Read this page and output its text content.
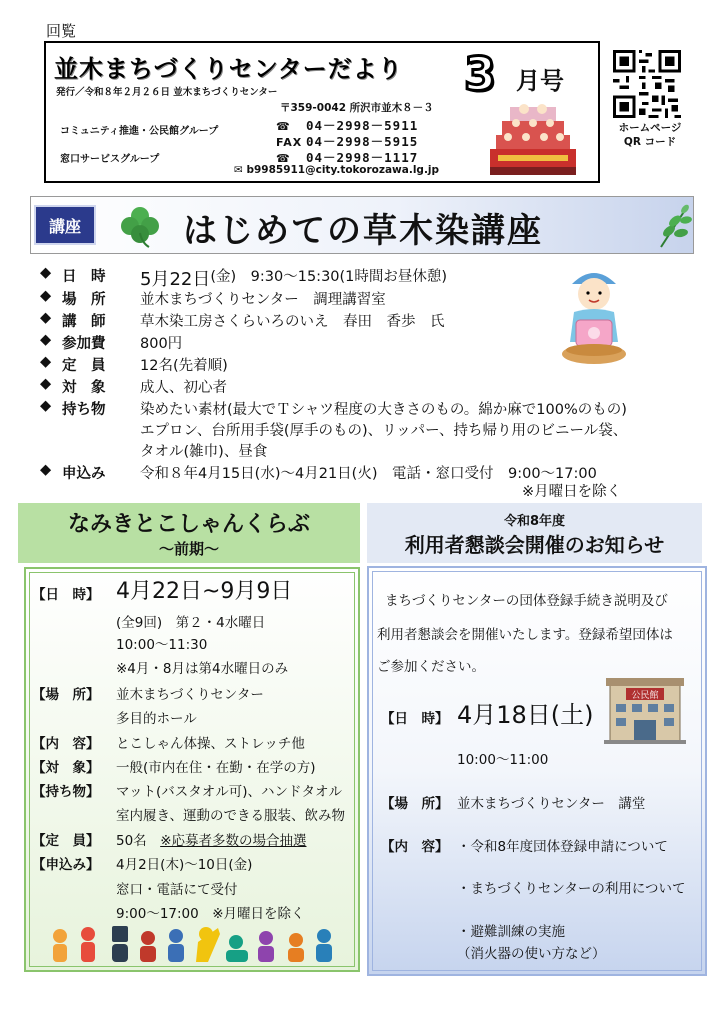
回覧
並木まちづくりセンターだより
発行／令和８年２月２６日 並木まちづくりセンター	3 月号
〒359-0042 所沢市並木８－３
コミュニティ推進・公民館グループ
窓口サービスグループ
☎ 04－2998－5911
FAX 04－2998－5915
☎ 04－2998－1117
✉ b9985911@city.tokorozawa.lg.jp
ホームページ
QR コード
講座	はじめての草木染講座
◆ 日　時	5月22日 (金)　9:30～15:30(1時間お昼休憩)
◆ 場　所	並木まちづくりセンター　調理講習室
◆ 講　師	草木染工房さくらいろのいえ　春田　香歩　氏
◆ 参加費	800円
◆ 定　員	12名(先着順)
◆ 対　象	成人、初心者
◆ 持ち物	染めたい素材(最大でＴシャツ程度の大きさのもの。綿か麻で100%のもの)
エプロン、台所用手袋(厚手のもの)、リッパー、持ち帰り用のビニール袋、
タオル(雑巾)、昼食
◆ 申込み	令和８年4月15日(水)～4月21日(火)　電話・窓口受付　9:00～17:00
※月曜日を除く
なみきとこしゃんくらぶ
～前期～
【日　時】 4月22日~9月9日
(全9回)　第２・4水曜日
10:00～11:30
※4月・8月は第4水曜日のみ
【場　所】 並木まちづくりセンター
多目的ホール
【内　容】 とこしゃん体操、ストレッチ他
【対　象】 一般(市内在住・在勤・在学の方)
【持ち物】 マット(バスタオル可)、ハンドタオル
室内履き、運動のできる服装、飲み物
【定　員】 50名　 ※応募者多数の場合抽選
【申込み】 4月2日(木)～10日(金)
窓口・電話にて受付
9:00～17:00　※月曜日を除く
令和8年度
利用者懇談会開催のお知らせ
まちづくりセンターの団体登録手続き説明及び
利用者懇談会を開催いたします。登録希望団体は
ご参加ください。
【日　時】 4月18日(土)
10:00～11:00
【場　所】 並木まちづくりセンター　講堂
【内　容】 ・令和8年度団体登録申請について
・まちづくりセンターの利用について
・避難訓練の実施
（消火器の使い方など）
公民館
